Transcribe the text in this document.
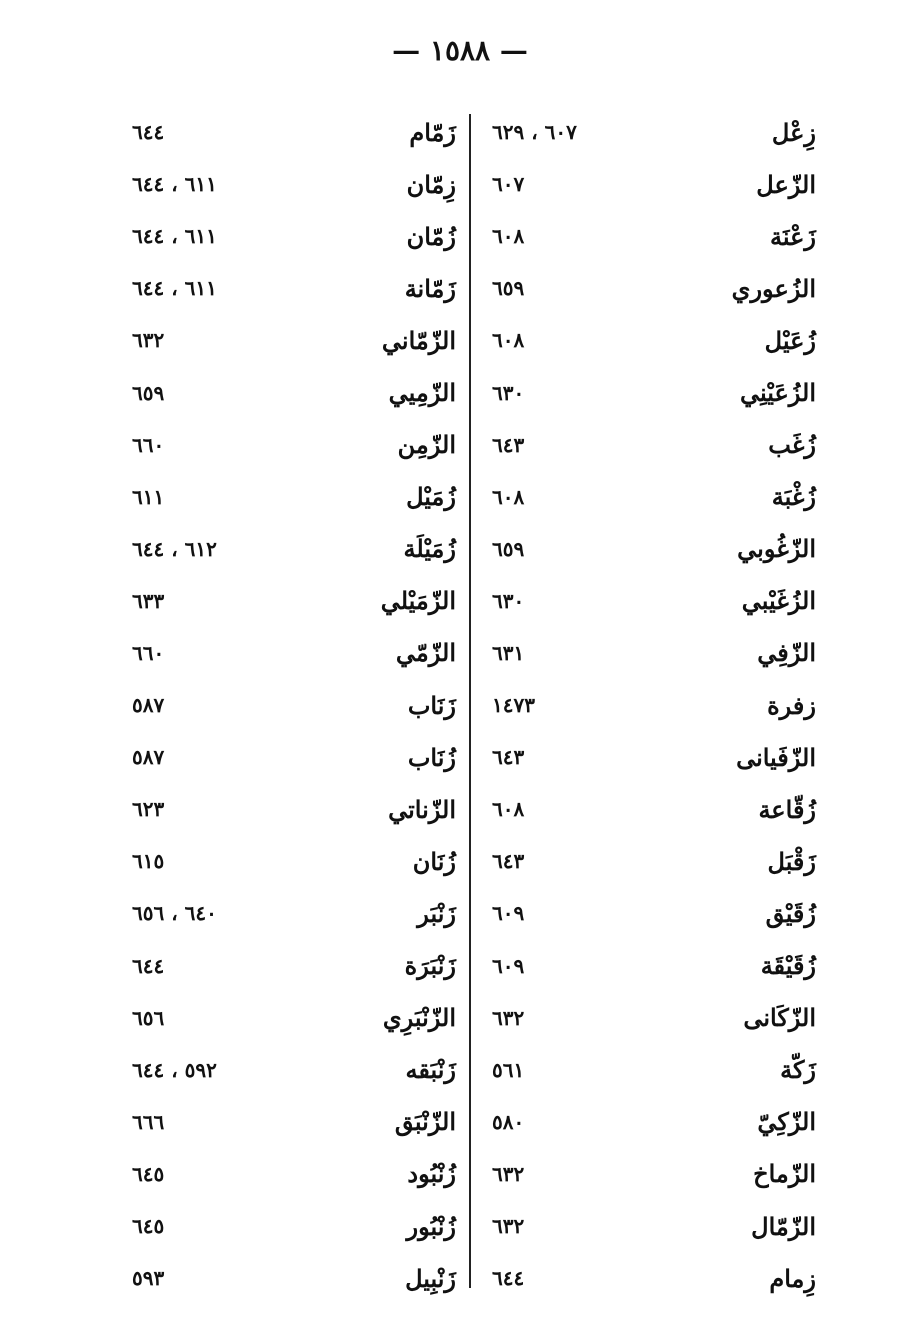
— ١٥٨٨ —
زِعْل
٦٠٧ ، ٦٢٩
الزّعل
٦٠٧
زَعْنَة
٦٠٨
الزُعوري
٦٥٩
زُعَيْل
٦٠٨
الزُعَيْنِي
٦٣٠
زُغَب
٦٤٣
زُغْبَة
٦٠٨
الزّغُوبي
٦٥٩
الزُغَيْبي
٦٣٠
الزّفِي
٦٣١
زفرة
١٤٧٣
الزّفَيانى
٦٤٣
زُقّاعة
٦٠٨
زَقْبَل
٦٤٣
زُقَيْق
٦٠٩
زُقَيْقَة
٦٠٩
الزّكَانى
٦٣٢
زَكّة
٥٦١
الزّكِيّ
٥٨٠
الزّماخ
٦٣٢
الزّمّال
٦٣٢
زِمام
٦٤٤
زَمّام
٦٤٤
زِمّان
٦١١ ، ٦٤٤
زُمّان
٦١١ ، ٦٤٤
زَمّانة
٦١١ ، ٦٤٤
الزّمّاني
٦٣٢
الزّمِيي
٦٥٩
الزّمِن
٦٦٠
زُمَيْل
٦١١
زُمَيْلَة
٦١٢ ، ٦٤٤
الزّمَيْلي
٦٣٣
الزّمّي
٦٦٠
زَنَاب
٥٨٧
زُنَاب
٥٨٧
الزّناتي
٦٢٣
زُنَان
٦١٥
زَنْبَر
٦٤٠ ، ٦٥٦
زَنْبَرَة
٦٤٤
الزّنْبَرِي
٦٥٦
زَنْبَقه
٥٩٢ ، ٦٤٤
الزّنْبَق
٦٦٦
زُنْبُود
٦٤٥
زُنْبُور
٦٤٥
زَنْبِيل
٥٩٣
